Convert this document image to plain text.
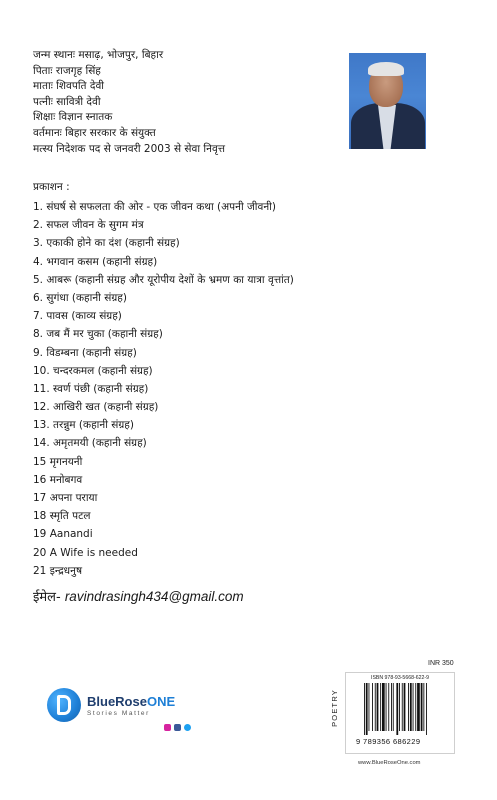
जन्म स्थानः मसाढ़, भोजपुर, बिहार
पिताः राजगृह सिंह
माताः शिवपति देवी
पत्नीः सावित्री देवी
शिक्षाः विज्ञान स्नातक
वर्तमानः बिहार सरकार के संयुक्त
मत्स्य निदेशक पद से जनवरी 2003 से सेवा निवृत्त
प्रकाशन :
1. संघर्ष से सफलता की ओर - एक जीवन कथा (अपनी जीवनी)
2. सफल जीवन के सुगम मंत्र
3. एकाकी होने का दंश (कहानी संग्रह)
4. भगवान कसम (कहानी संग्रह)
5. आबरू (कहानी संग्रह और यूरोपीय देशों के भ्रमण का यात्रा वृत्तांत)
6. सुगंधा (कहानी संग्रह)
7. पावस (काव्य संग्रह)
8. जब मैं मर चुका (कहानी संग्रह)
9. विडम्बना (कहानी संग्रह)
10. चन्दरकमल (कहानी संग्रह)
11. स्वर्ण पंछी (कहानी संग्रह)
12. आखिरी खत (कहानी संग्रह)
13. तरन्नुम (कहानी संग्रह)
14. अमृतमयी (कहानी संग्रह)
15 मृगनयनी
16 मनोबगव
17 अपना पराया
18 स्मृति पटल
19 Aanandi
20 A Wife is needed
21 इन्द्रधनुष
ईमेल- ravindrasingh434@gmail.com
BlueRoseONE
Stories Matter
INR 350
POETRY
ISBN 978-93-5668-622-9
9 789356 686229
www.BlueRoseOne.com
